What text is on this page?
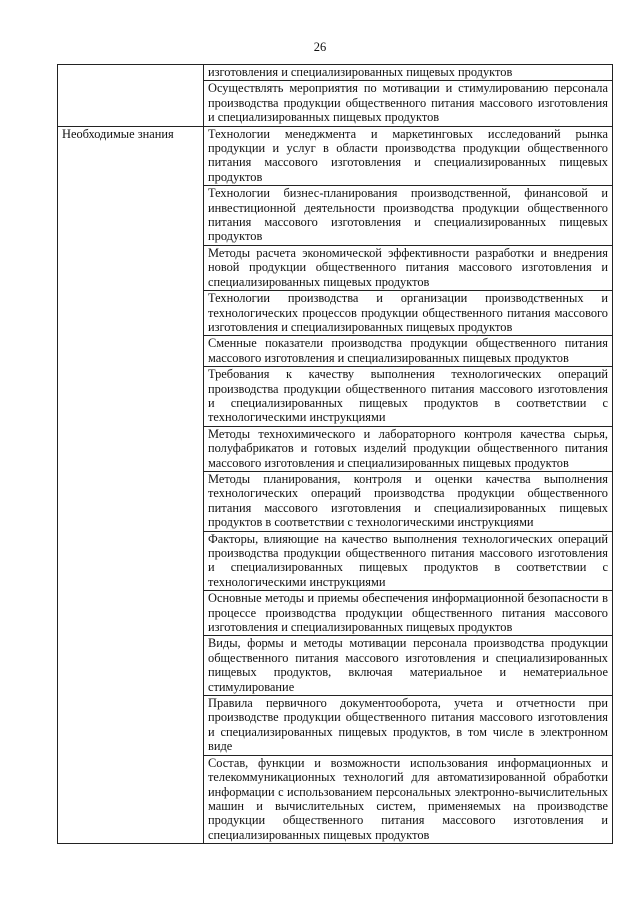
26

	изготовления и специализированных пищевых продуктов

	Осуществлять мероприятия по мотивации и стимулированию персонала производства продукции общественного питания массового изготовления и специализированных пищевых продуктов

Необходимые знания	Технологии менеджмента и маркетинговых исследований рынка продукции и услуг в области производства продукции общественного питания массового изготовления и специализированных пищевых продуктов

	Технологии бизнес-планирования производственной, финансовой и инвестиционной деятельности производства продукции общественного питания массового изготовления и специализированных пищевых продуктов

	Методы расчета экономической эффективности разработки и внедрения новой продукции общественного питания массового изготовления и специализированных пищевых продуктов

	Технологии производства и организации производственных и технологических процессов продукции общественного питания массового изготовления и специализированных пищевых продуктов

	Сменные показатели производства продукции общественного питания массового изготовления и специализированных пищевых продуктов

	Требования к качеству выполнения технологических операций производства продукции общественного питания массового изготовления и специализированных пищевых продуктов в соответствии с технологическими инструкциями

	Методы технохимического и лабораторного контроля качества сырья, полуфабрикатов и готовых изделий продукции общественного питания массового изготовления и специализированных пищевых продуктов

	Методы планирования, контроля и оценки качества выполнения технологических операций производства продукции общественного питания массового изготовления и специализированных пищевых продуктов в соответствии с технологическими инструкциями

	Факторы, влияющие на качество выполнения технологических операций производства продукции общественного питания массового изготовления и специализированных пищевых продуктов в соответствии с технологическими инструкциями

	Основные методы и приемы обеспечения информационной безопасности в процессе производства продукции общественного питания массового изготовления и специализированных пищевых продуктов

	Виды, формы и методы мотивации персонала производства продукции общественного питания массового изготовления и специализированных пищевых продуктов, включая материальное и нематериальное стимулирование

	Правила первичного документооборота, учета и отчетности при производстве продукции общественного питания массового изготовления и специализированных пищевых продуктов, в том числе в электронном виде

	Состав, функции и возможности использования информационных и телекоммуникационных технологий для автоматизированной обработки информации с использованием персональных электронно-вычислительных машин и вычислительных систем, применяемых на производстве продукции общественного питания массового изготовления и специализированных пищевых продуктов
